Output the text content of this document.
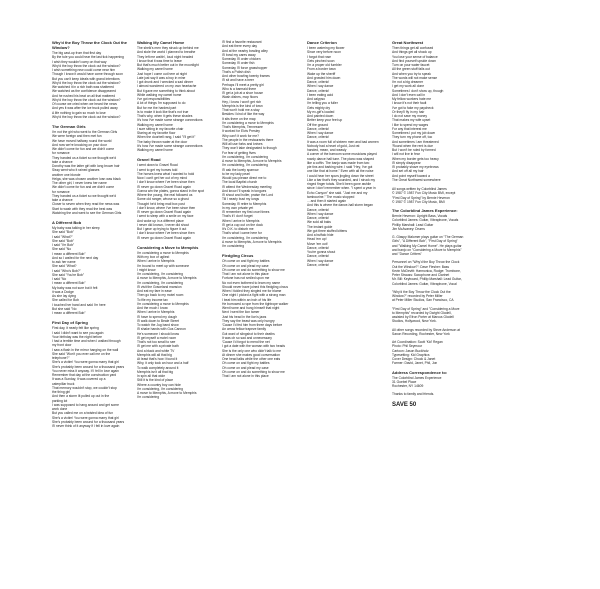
Why'd the Boy Throw the Clock Out the Window?
The big cast-up from that first day
By the tule you could hear the last tick happening
I wish they wouldn't carry on that way
Why'd the boy throw the clock out the window?
I wish something new could come near him
Though I know it would have come through soon
But you can't keep ideals with grand intentions
Why'd the boy throw the clock out the window?
We watched it in a rich bath was shattered
We watched as the confidence disappeared
And he rushed his beat on all that mattered
Why'd the boy throw the clock out the window?
Of course we cried when we heard the news
And yes it was after the ice truck pulled away
A life nothing to gain so much to lose
Why'd the boy throw the clock out the window?
The German Girls
I'm not the girl who went to the German Girls
We were foreign and then met fun
We have moved halfway round the world
And now we're knocking on your door
We didn't come for fun and we didn't come
for romance
They handed us a ticket so we thought we'd
take a chance
Dorothy was the latter girl with long brown hair
Sissy went who it rained glasses
another one blonde
Helga, she was chosen another Ivan was black
The other girl, I never knew her name
We didn't come for fun and we didn't come
for romance
They handed us a ticket so we thought we'd
take a chance
Closer to seven when they read the news was
Start to wash with they read the best was
Watching the and went to see the German Girls
A Different Bob
My baby was talking in her sleep
She said "Bob"
I said "What?"
She said "Bob"
I said "I'm Bob"
She said "No
I mean a different Bob"
And so I waited for the next day
to ask her name
She said "What?
I said "Who's Bob?"
She said "You're Bob"
I said "No
I mean a different Bob"
My baby was not sure but it felt
it was a Dodge
As she lay dying
She called for Bob
I touched her hand and said I'm here
But she said "No
I mean a different Bob"
First Day of Spring
First day, it nearly felt like spring
I said I didn't want to see you again
Your birthday was the night before
I had a terrible time and when I walked through
my front door
I saw a flash in the mirror hanging on the wall
She said "Won't you ever call me on the
telephone?"
She's a victim! You were gonna marry that girl
She's probably been around for a thousand years
You never miss it anyway. If I fell in love again
Remember that day at the construction yard
It was a Sunday, it was covered up a
caterpillar truck
That memory wouldn't stop, we couldn't stop
the thing girl
And then a storm lit pulled up out in the
parking lot
I was supposed to hang around and get some
work done
But you called me on a twisted idea of fun
She's a victim! You were gonna marry that girl
She's probably been around for a thousand years
I'll never think of it anyway if I fell in love again
Walking My Camel Home
The sheik's men they struck up behind me
And stole the world I planned to breathe
They left me waitin', loud night headed
I know that it was time to leave
But that's much better out in the moonlight
Walking my camel home
Just hope I come out here at night
Late just say it was a boy in mine
I got drunk and I wrecked a sad dinner
I almost wondered on my own heartache
But it gave me something to think about
While walking my camel home
I've got responsibilities
A lot of things I'm supposed to do
But for me the hardest part
Is to make it look like that's not true
That's why, when it gets these shades
It's how I've made some strange connections
Walking my camel home
I sure sitting in my favorite chair
Staring at my favorite floor
When the doorbell rang, I said "I'll get it"
The baby thrown water at the door
It's how I've made some strange connections
Walking my camel home
Gravel Road
I went down to Gravel Road
I went to get my horses told
The horses knew what I wanted to hold
Now I can't get her out of my mind
I don't know where I've been since then
I'll never go down Gravel Road again
Gonna win the plates, gonna stand in the spot
Where the young, the real followed us
Some old ranger, whose so a ghost
Thought he'd bring mail box post
I don't know, where I've been since then
I'll never go down Gravel Road again
I went to sleep with a smile on my face
And woke up in a different place
I never did known, I never did shout
But I gave up trying to figure it out
I don't know where I've been since then
I'll never go down Gravel Road again
Considering a Move to Memphis
I'm considering a move to Memphis
With my box of ugliest
When I arrive in Memphis
I'm bound to meet up with someone
I might know
I'm considering, I'm considering
A move to Memphis, A move to Memphis
I'm considering, I'm considering
I'll visit the Graceland mansion
And eat my fare in ease
Then go back to my motel room
To file my income tax
I'm considering a move to Memphis
And the much I know
When I arrive in Memphis
I'll have to spend my dough
I'll walk down to Beale Street
To watch the Jug band show
I'll shake hands with Gus Cannon
He's someone I should know
I'll get myself a motel room
That's not too small to see
I'll get me with a private bath
And a black and white TV
Memphis will all that big
At least that's how I found it
Why, it only took an hour and a half
To walk completely around it
Memphis isn't all that big
In spin all that wide
Still it is the kind of place
Where a country boy can hide
I'm considering, I'm considering
A move to Memphis, A move to Memphis
I'm considering
I'll find a favorite restaurant
And eat there every day
And at the nearby bowling alley
I'll bowl my cares away
Someday I'll order chicken
Someday I'll order fish
Someday I'll force grasshopper
That's a Polish dish
And other bowling twenty frames
I'll sit and have a beer
Perhaps I'll meet a pretty girl
Who is a barmaid there
I'll get a job at a shoe house
Wash dishes, mop floors
Hey, I know I won't get rich
Memphis is the kind of town
That won't hold me a stay
Besides I kind of like the way
It sits there on the map
I'm considering a move to Memphis
That's Memphis, Tennessee
It worked for Elvis Presley
Why can't it work for me?
The people in the restaurants there
Will all use forks and knives
They won't take designated to though
For fear of getting fives
I'm considering, I'm considering
A move to Memphis, A move to Memphis
I'm considering, I'm considering
I'll ask the lovely sparrow
to be my lady pearl
Would you please direct me to
The local Baptist church
I'll attend the Wednesday meeting
And know I'll speak in tongues
I'll shout and holler, praise the Lord
Till I nearly bust my lungs
Someday I'll retire to Memphis
In my own private yet
I'll remember my first cruel times
That's if I don't forget
When I arrive in Memphis
I'll get a cup out on the dock
It's O.K. to disturb me
That's what I came here for
I'm considering, I'm considering
A move to Memphis, A move to Memphis
I'm considering
Fledgling Circus
Oh come on and fight my battles
Oh come on and plead my case
Oh come on and do something to show me
That I am not alone in this place
Fortune has not smiled upon me
No not even bothered to learn my name
Should never have joined this fledgling circus
When I tickled they singled me for blame
One night I picked a fight with a strong man
I beat him within an inch of his life
He borrowed a rope from the tightrope walker
Went home and hung himself that night
Next I went the lion tamer
Just his head in the lion's jaws
They say the beast was only hungry
'Cause I'd fed him from three days before
An arrow fellow trapeze family
Got word of slingshot to their deaths
It was oh so sad and unnecessary
'Cause I'd forgot to mend the net
I got a date with the woman with two heads
She is the only one who didn't talk to me
At dinner she makes good conversation
One head talks while the other one eats
Oh come on and fight my battles
Oh come on and plead my case
Oh come on and do something to show me
That I am not alone in this place
Dance Criterion
I been watering my flower
Since very before noon
I forgot that rose
Gets pinched soon
I'm a proper old fumbler
From a border town
Wake up the sheriff
And growled him down
Dance, criterio!
When I say dance
Dance, criterio!
I been eating acid
And calypso
I'm telling you a fuller
Gets mighty dry
My ex-girl's loaded
And painted down
Better keep your feet up
Off the ground
Dance, criterio!
When I say dance
Dance, criterio!
It was a room full of sixteen men and bad women
Nobody had a heart of gold, Just rat
handed, mean, and weasly
A corner of the barroom some musicians played
rowdy dance hall tune. The piano was shaped
like a coffin. The banjo was made from two
pie tins and barking wire. I said "Hey, I've got
one like that at home." Even with all the noise
I could hear her spurs jingling down the street
Like a bar that's they sounded, and I struck my
ringed finger totals. She'd been gone awhile
since I don't remember when. "I spent a year in
Echo Canyon" she said. "Just me and my
tambourine." The music stopped
... and then it started again
And this is where the dance-hall storm began
Dance, criterio!
When I say dance
Dance, criterio!
We sold all baks
The instant guide
We got three stuffed kittens
And a buffalo hide
Head 'em up!
Move 'em out!
Dance, criterio!
You're gonna shout
Dance, criterio!
When I say dance
Dance, criterio!
Great Northwest
Then things get all confused
And things get all shook up
You lose your sense of balance
And find yourself upside down
Turn on your water faucet
All the green stuff falls out
And when you try to speak
The words will not make sense
I'm not a big dreamer
I get my work all done
Sometimes I don't show up, though
And I don't even call in
My fellow workers hate me
I know it's not their fault
I've got to fake my paycheck
Or they'll fly in my hair
I do not save my money
That makes my wife upset
I like to spend my wages
For any that interest me
Sometimes I put my job down
They turn my phone off, too
And sometimes I am threatened
'Round when the rent is due
But I won't be ruled by formed
I will not live in fear
When my border gets too heavy
I'll simply disappear
I'll probably shave my eyebrows
And set off all my hair
And point myself toward a
The Great Northwest somewhere
All songs written by Colorblind James
© 1987 © 1987 Fun City Music BMI, except
"First Day of Spring" by Bernie Heveron
© 1987 © 1987 Fun City Music, BMI
The Colorblind James Experience:
Bernie Heveron: Upright Bass, Vocals
Colorblind James: Guitar, Vibraphone, Vocals
Phillip Marshall: Lead Guitar
Jim McAvaney: Drums
G. Glaspy Malomer plays guitar on "The German
Girls", "A Different Bob", "First Day of Spring"
and "Walking My Camel Home". He plays guitar
and banjo on "Considering a Move to Memphis"
and "Dance Critters"
Personnel on "Why'd the Boy Throw the Clock
Out the Window?": Dave Flesher: Bass
Kevin McDevitt: Harmonica, Rodge: Trombone,
Peter Strauss: Saxophone and Clarinet
Mr. Bill: Keyboard, Phillip Marshall: Lead Guitar,
Colorblind James: Guitar, Vibraphone, Vocal
"Why'd the Boy Throw the Clock Out the
Window?" recorded by Peter Miller
at Peter Miller Studios, San Francisco, CA
"First Day of Spring" and "Considering a Move
to Memphis" recorded by Dwight Glodell,
assisted by Efron Porter at Marcus Glodell
Studios, Hollywood, New York.
All other songs recorded by Steve Anderson at
Saxon Recording, Rochester, New York
Art Coordination: Scott 'Kid' Regan
Photo: Phil Seymour
Cartoon: Jason Buckholz
Typesetting: Kid Graphics
Cover Design: Chuck & Janet
Farmer: David, Janet, Phil, Jon
Address Correspondence to:
The Colorblind James Experience
31 Goebel Place
Rochester, NY 14609
Thanks to family and friends.
SAVE 50
